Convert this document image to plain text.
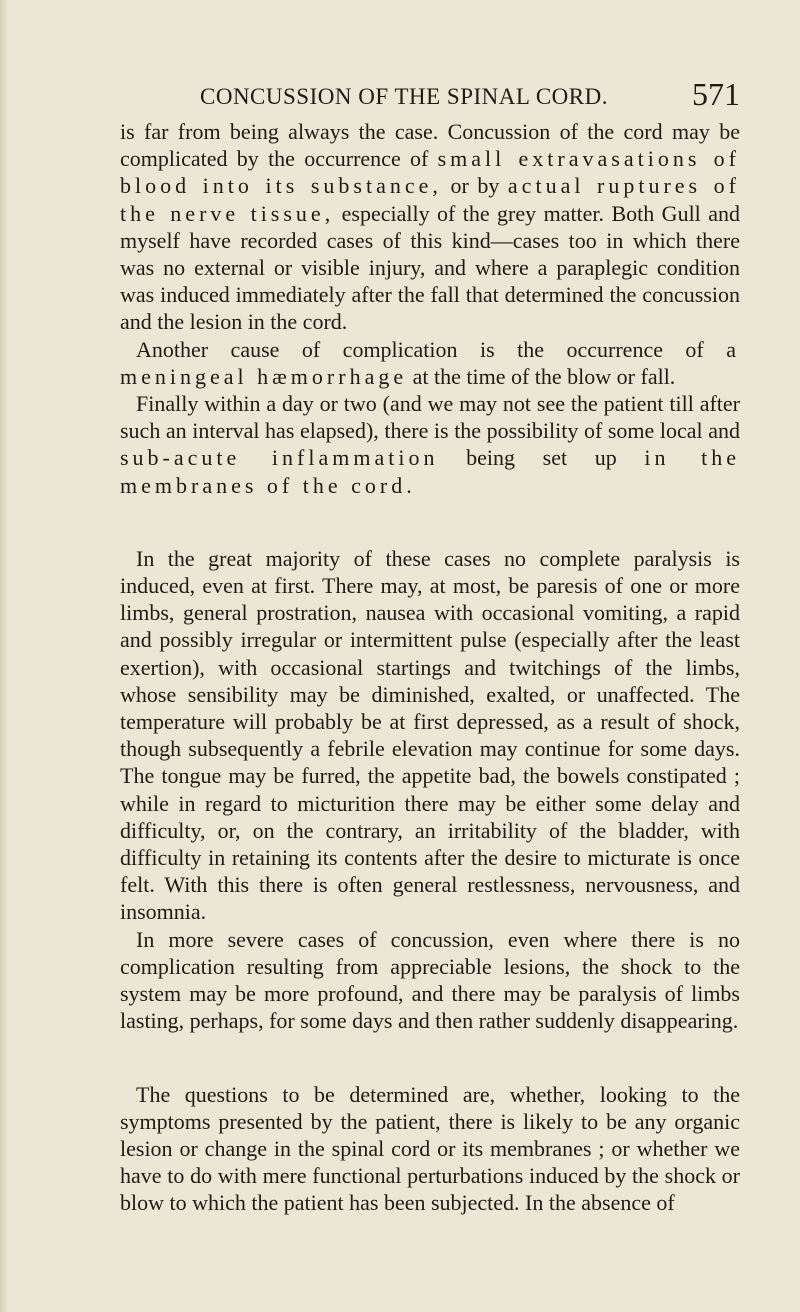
CONCUSSION OF THE SPINAL CORD.	571

is far from being always the case. Concussion of the cord may be complicated by the occurrence of small extravasations of blood into its substance, or by actual ruptures of the nerve tissue, especially of the grey matter. Both Gull and myself have recorded cases of this kind—cases too in which there was no external or visible injury, and where a paraplegic condition was induced immediately after the fall that determined the concussion and the lesion in the cord.

Another cause of complication is the occurrence of a meningeal hæmorrhage at the time of the blow or fall.

Finally within a day or two (and we may not see the patient till after such an interval has elapsed), there is the possibility of some local and sub-acute inflammation being set up in the membranes of the cord.

In the great majority of these cases no complete paralysis is induced, even at first. There may, at most, be paresis of one or more limbs, general prostration, nausea with occasional vomiting, a rapid and possibly irregular or intermittent pulse (especially after the least exertion), with occasional startings and twitchings of the limbs, whose sensibility may be diminished, exalted, or unaffected. The temperature will probably be at first depressed, as a result of shock, though subsequently a febrile elevation may continue for some days. The tongue may be furred, the appetite bad, the bowels constipated ; while in regard to micturition there may be either some delay and difficulty, or, on the contrary, an irritability of the bladder, with difficulty in retaining its contents after the desire to micturate is once felt. With this there is often general restlessness, nervousness, and insomnia.

In more severe cases of concussion, even where there is no complication resulting from appreciable lesions, the shock to the system may be more profound, and there may be paralysis of limbs lasting, perhaps, for some days and then rather suddenly disappearing.

The questions to be determined are, whether, looking to the symptoms presented by the patient, there is likely to be any organic lesion or change in the spinal cord or its membranes ; or whether we have to do with mere functional perturbations induced by the shock or blow to which the patient has been subjected. In the absence of
